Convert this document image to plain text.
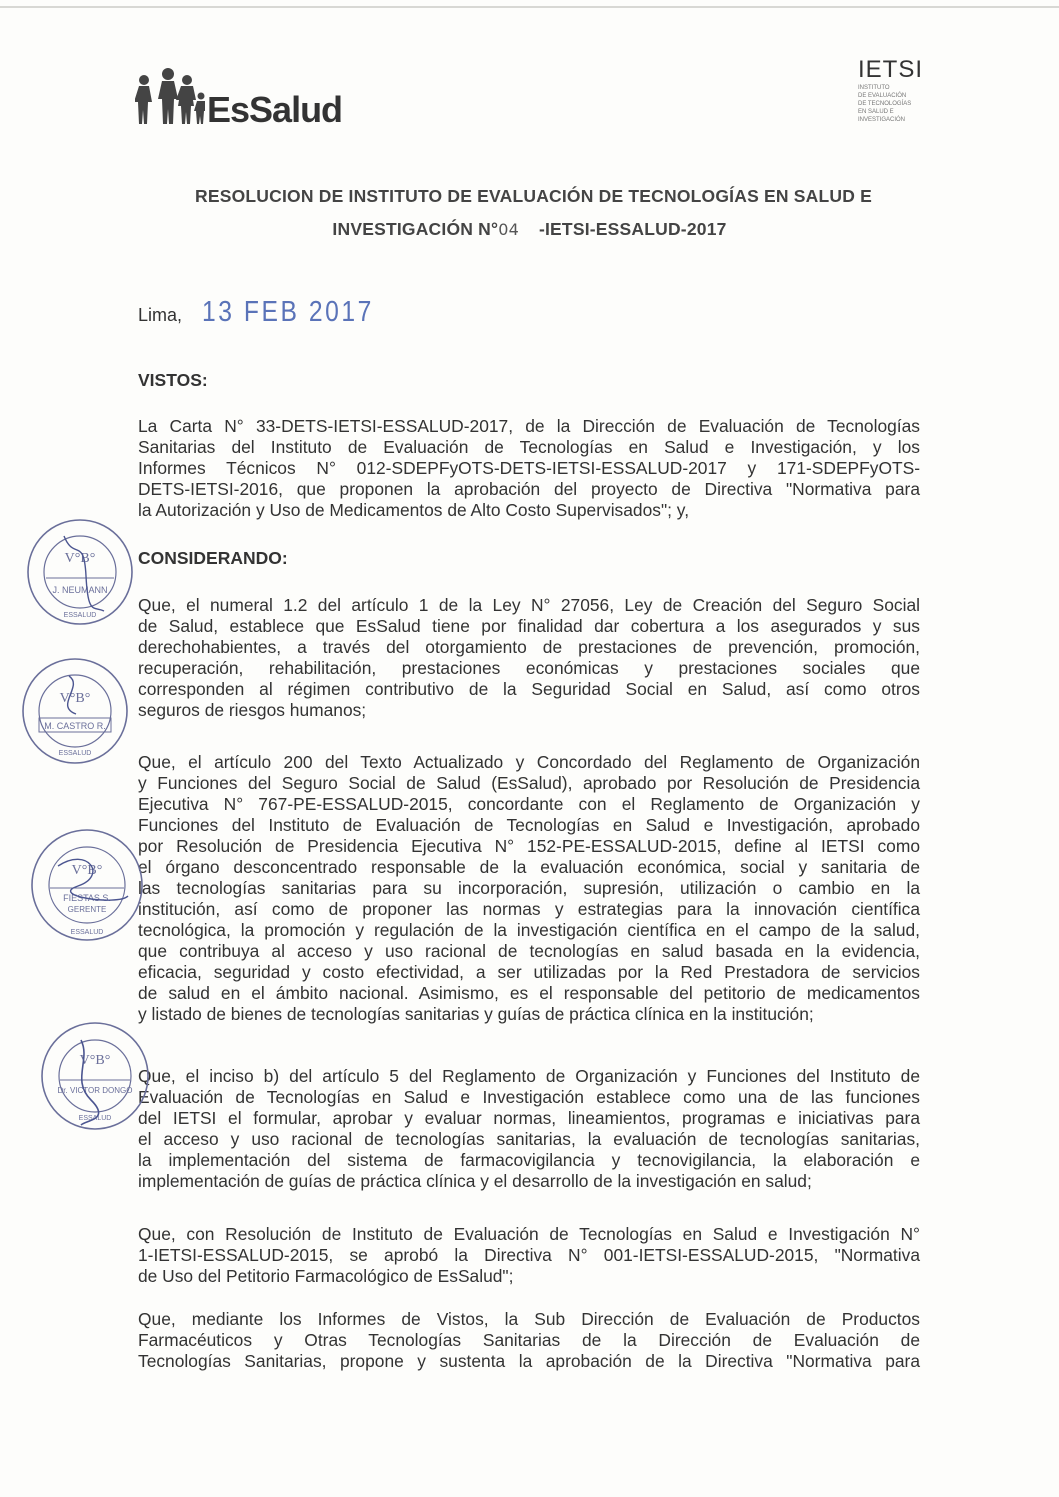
EsSalud
IETSI
INSTITUTO
DE EVALUACIÓN
DE TECNOLOGÍAS
EN SALUD E
INVESTIGACIÓN
RESOLUCION DE INSTITUTO DE EVALUACIÓN DE TECNOLOGÍAS EN SALUD E
INVESTIGACIÓN N°04 -IETSI-ESSALUD-2017
Lima, 13 FEB 2017
VISTOS:
La Carta N° 33-DETS-IETSI-ESSALUD-2017, de la Dirección de Evaluación de Tecnologías
Sanitarias del Instituto de Evaluación de Tecnologías en Salud e Investigación, y los
Informes Técnicos N° 012-SDEPFyOTS-DETS-IETSI-ESSALUD-2017 y 171-SDEPFyOTS-
DETS-IETSI-2016, que proponen la aprobación del proyecto de Directiva "Normativa para
la Autorización y Uso de Medicamentos de Alto Costo Supervisados"; y,
CONSIDERANDO:
Que, el numeral 1.2 del artículo 1 de la Ley N° 27056, Ley de Creación del Seguro Social
de Salud, establece que EsSalud tiene por finalidad dar cobertura a los asegurados y sus
derechohabientes, a través del otorgamiento de prestaciones de prevención, promoción,
recuperación, rehabilitación, prestaciones económicas y prestaciones sociales que
corresponden al régimen contributivo de la Seguridad Social en Salud, así como otros
seguros de riesgos humanos;
Que, el artículo 200 del Texto Actualizado y Concordado del Reglamento de Organización
y Funciones del Seguro Social de Salud (EsSalud), aprobado por Resolución de Presidencia
Ejecutiva N° 767-PE-ESSALUD-2015, concordante con el Reglamento de Organización y
Funciones del Instituto de Evaluación de Tecnologías en Salud e Investigación, aprobado
por Resolución de Presidencia Ejecutiva N° 152-PE-ESSALUD-2015, define al IETSI como
el órgano desconcentrado responsable de la evaluación económica, social y sanitaria de
las tecnologías sanitarias para su incorporación, supresión, utilización o cambio en la
institución, así como de proponer las normas y estrategias para la innovación científica
tecnológica, la promoción y regulación de la investigación científica en el campo de la salud,
que contribuya al acceso y uso racional de tecnologías en salud basada en la evidencia,
eficacia, seguridad y costo efectividad, a ser utilizadas por la Red Prestadora de servicios
de salud en el ámbito nacional. Asimismo, es el responsable del petitorio de medicamentos
y listado de bienes de tecnologías sanitarias y guías de práctica clínica en la institución;
Que, el inciso b) del artículo 5 del Reglamento de Organización y Funciones del Instituto de
Evaluación de Tecnologías en Salud e Investigación establece como una de las funciones
del IETSI el formular, aprobar y evaluar normas, lineamientos, programas e iniciativas para
el acceso y uso racional de tecnologías sanitarias, la evaluación de tecnologías sanitarias,
la implementación del sistema de farmacovigilancia y tecnovigilancia, la elaboración e
implementación de guías de práctica clínica y el desarrollo de la investigación en salud;
Que, con Resolución de Instituto de Evaluación de Tecnologías en Salud e Investigación N°
1-IETSI-ESSALUD-2015, se aprobó la Directiva N° 001-IETSI-ESSALUD-2015, "Normativa
de Uso del Petitorio Farmacológico de EsSalud";
Que, mediante los Informes de Vistos, la Sub Dirección de Evaluación de Productos
Farmacéuticos y Otras Tecnologías Sanitarias de la Dirección de Evaluación de
Tecnologías Sanitarias, propone y sustenta la aprobación de la Directiva "Normativa para
V°B°
J. NEUMANN
ESSALUD
V°B°
M. CASTRO R.
ESSALUD
V°B°
FIESTAS S.
GERENTE
ESSALUD
V°B°
Dr. VICTOR DONGO
ESSALUD
